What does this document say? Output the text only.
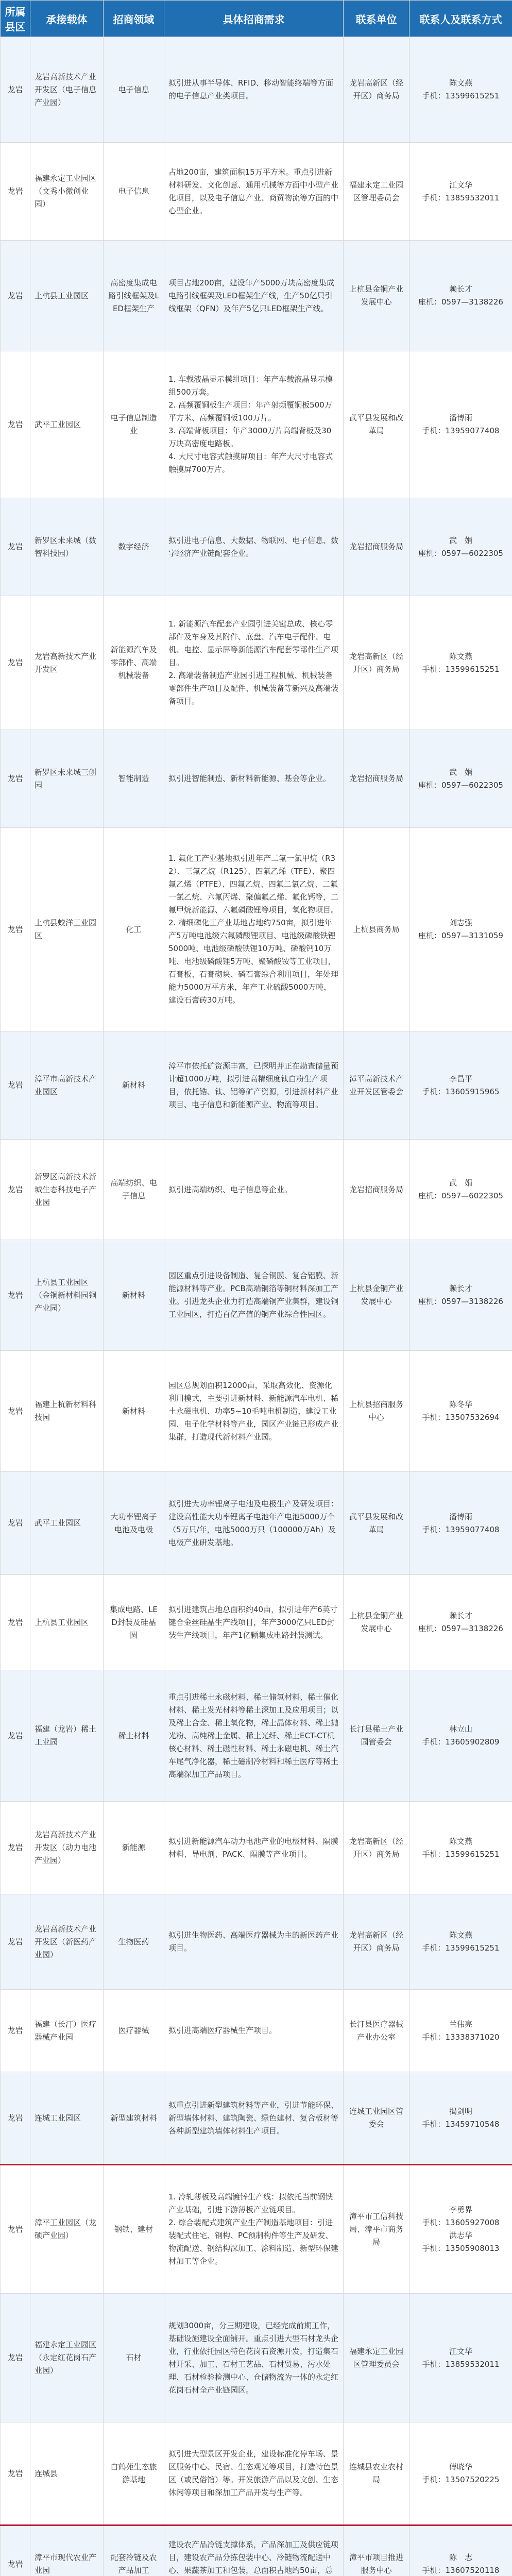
所属县区	承接载体	招商领域	具体招商需求	联系单位	联系人及联系方式

龙岩	龙岩高新技术产业开发区（电子信息产业园）	电子信息	拟引进从事半导体、RFID、移动智能终端等方面的电子信息产业类项目。	龙岩高新区（经开区）商务局	陈文燕
手机：13599615251

龙岩	福建永定工业园区（文秀小微创业园）	电子信息	占地200亩，建筑面积15万平方米。重点引进新材料研发、文化创意、通用机械等方面中小型产业化项目，以及电子信息产业、商贸物流等方面的中心型企业。	福建永定工业园区管理委员会	江文华
手机：13859532011

龙岩	上杭县工业园区	高密度集成电路引线框架及LED框架生产	项目占地200亩，建设年产5000万块高密度集成电路引线框架及LED框架生产线，生产50亿只引线框架（QFN）及年产5亿只LED框架生产线。	上杭县金铜产业发展中心	赖长才
座机：0597—3138226

龙岩	武平工业园区	电子信息制造业	1. 车载液晶显示模组项目：年产车载液晶显示模组500万套。
2. 高频覆铜板生产项目：年产射频覆铜板500万平方米、高频覆铜板100万片。
3. 高端背板项目：年产3000万片高端背板及30万块高密度电路板。
4. 大尺寸电容式触摸屏项目：年产大尺寸电容式触摸屏700万片。	武平县发展和改革局	潘博雨
手机：13959077408

龙岩	新罗区未来城（数智科技园）	数字经济	拟引进电子信息、大数据、物联网、电子信息、数字经济产业链配套企业。	龙岩招商服务局	武　娟
座机：0597—6022305

龙岩	龙岩高新技术产业开发区	新能源汽车及零部件、高端机械装备	1. 新能源汽车配套产业园引进关键总成、核心零部件及车身及其附件、底盘、汽车电子配件、电机、电控、显示屏等新能源汽车配套零部件生产项目。
2. 高端装备制造产业园引进工程机械、机械装备零部件生产项目及配件、机械装备等新兴及高端装备项目。	龙岩高新区（经开区）商务局	陈文燕
手机：13599615251

龙岩	新罗区未来城三创园	智能制造	拟引进智能制造、新材料新能源、基金等企业。	龙岩招商服务局	武　娟
座机：0597—6022305

龙岩	上杭县蛟洋工业园区	化工	1. 氟化工产业基地拟引进年产二氟一氯甲烷（R32）、三氟乙烷（R125）、四氟乙烯（TFE）、聚四氟乙烯（PTFE）、四氟乙烷、四氟二氯乙烷、二氟一氯乙烷、六氟丙烯、聚偏氟乙烯、氟化钙等，二氟甲烷新能源、六氟磷酸锂等项目，氧化物项目。
2. 精细磷化工产业基地占地约750亩，拟引进年产5万吨电池级六氟磷酸锂项目、电池级磷酸铁锂5000吨、电池级磷酸铁锂10万吨、磷酸钙10万吨、电池级磷酸锂5万吨、聚磷酸铵等工业项目，石膏板、石膏砌块、磷石膏综合利用项目，年处理能力5000万平方米，年产工业硫酸5000万吨，建设石膏砖30万吨。	上杭县商务局	刘志强
座机：0597—3131059

龙岩	漳平市高新技术产业园区	新材料	漳平市依托矿资源丰富，已探明并正在勘查储量预计超1000万吨，拟引进高精细度钛白粉生产项目，依托锆、钛、铝等矿产资源，引进新材料产业项目、电子信息和新能源产业、物流等项目。	漳平高新技术产业开发区管委会	李昌平
手机：13605915965

龙岩	新罗区高新技术新城生态科技电子产业园	高端纺织、电子信息	拟引进高端纺织、电子信息等企业。	龙岩招商服务局	武　娟
座机：0597—6022305

龙岩	上杭县工业园区（金铜新材料园铜产业园）	新材料	园区重点引进设备制造、复合铜膜、复合铝膜、新能源材料等产业。PCB高端铜箔等铜材料深加工产业。引进龙头企业力打造高端铜产业集群，建设铜工业园区，打造百亿产值的铜产业综合性园区。	上杭县金铜产业发展中心	赖长才
座机：0597—3138226

龙岩	福建上杭新材料科技园	新材料	园区总规划面积12000亩，采取高效化、资源化利用模式，主要引进新材料、新能源汽车电机、稀土永磁电机、功率5~10毛吨电机制造，建设工业园、电子化学材料等产业，园区产业链已形成产业集群，打造现代新材料产业园。	上杭县招商服务中心	陈冬华
手机：13507532694

龙岩	武平工业园区	大功率锂离子电池及电极	拟引进大功率锂离子电池及电极生产及研发项目：建设高性能大功率锂离子电池年产电池5000万个（5万只/年，电池5000万只（100000万Ah）及电极产业研发基地。	武平县发展和改革局	潘博雨
手机：13959077408

龙岩	上杭县工业园区	集成电路、LED封装及硅晶圆	拟引进建筑占地总面积约40亩，拟引进年产6英寸键合金丝硅晶生产线项目，年产3000亿只LED封装生产线项目，年产1亿颗集成电路封装测试。	上杭县金铜产业发展中心	赖长才
座机：0597—3138226

龙岩	福建（龙岩）稀土工业园	稀土材料	重点引进稀土永磁材料、稀土储氢材料、稀土催化材料、稀土发光材料等稀土深加工及应用项目；以及稀土合金、稀土氧化物，稀土晶体材料、稀土抛光粉、高纯稀土金属、稀土光纤、稀土ECT-CT机核心材料、稀土磁性材料、稀土永磁电机、稀土汽车尾气净化器，稀土磁制冷材料和稀土医疗等稀土高端深加工产品项目。	长汀县稀土产业园管委会	林立山
手机：13605902809

龙岩	龙岩高新技术产业开发区（动力电池产业园）	新能源	拟引进新能源汽车动力电池产业的电极材料、隔膜材料、导电剂、PACK、隔膜等产业项目。	龙岩高新区（经开区）商务局	陈文燕
手机：13599615251

龙岩	龙岩高新技术产业开发区（新医药产业园）	生物医药	拟引进生物医药、高端医疗器械为主的新医药产业项目。	龙岩高新区（经开区）商务局	陈文燕
手机：13599615251

龙岩	福建（长汀）医疗器械产业园	医疗器械	拟引进高端医疗器械生产项目。	长汀县医疗器械产业办公室	兰伟亮
手机：13338371020

龙岩	连城工业园区	新型建筑材料	拟重点引进新型建筑材料等产业，引进节能环保、新型墙体材料、建筑陶瓷、绿色建材、复合板材等各种新型建筑墙体材料生产项目。	连城工业园区管委会	揭剑明
手机：13459710548

龙岩	漳平工业园区（龙硕产业园）	钢铁、建材	1. 冷轧薄板及高端镀锌生产线：拟依托当前钢铁产业基础，引进下游薄板产业链项目。
2. 综合装配式建筑产业生产制造基地项目：引进装配式住宅、钢构、PC预制构件等生产及研发、物流配送、钢结构深加工、涂料制造、新型环保建材加工等企业。	漳平市工信科技局、漳平市商务局	李勇界
手机：13605927008
洪志华
手机：13505908013

龙岩	福建永定工业园区（永定红花岗石产业园）	石材	规划3000亩，分三期建设，已经完成前期工作，基础设施建设全面铺开。重点引进大型石材龙头企业，行业依托园区特色花岗石资源开发，打造集石材开采、加工、石材工艺品、石材贸易、污水处理、石材检验检测中心、仓储物流为一体的永定红花岗石材全产业链园区。	福建永定工业园区管理委员会	江文华
手机：13859532011

龙岩	连城县	白鹤苑生态旅游基地	拟引进大型景区开发企业，建设标准化停车场、景区服务中心、民宿、生态观光等项目，打造特色景区（或民俗馆）等。开发旅游产品以及文创、生态休闲等项目和深加工产品开发与生产等。	连城县农业农村局	傅晓华
手机：13507520225

龙岩	漳平市现代农业产业园	配套冷链及农产品加工	建设农产品冷链支撑体系，产品深加工及供应链项目，建设农产品分拣包装中心、冷链物流配送中心、果蔬茶加工和包装，总面积占地约50亩，总	漳平市项目推进服务中心	陈　志
手机：13607520118
